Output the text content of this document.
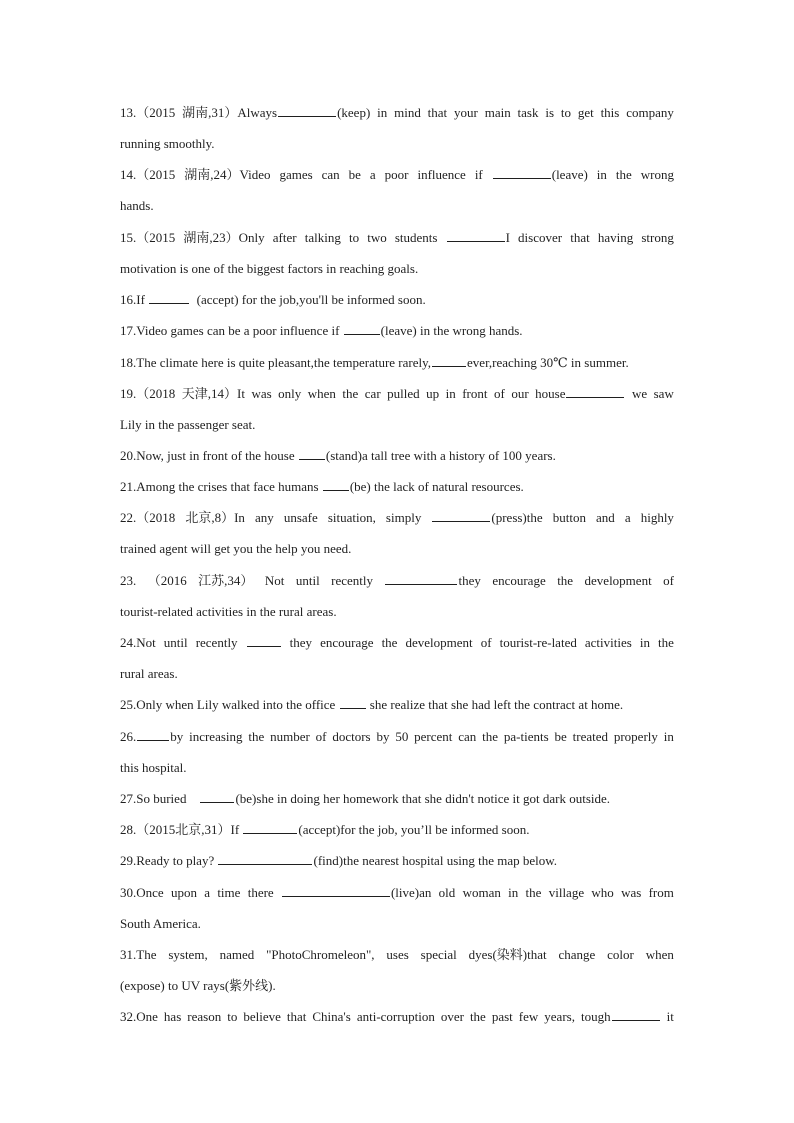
13.（2015 湖南,31）Always	(keep) in mind that your main task is to get this company
running smoothly.
14.（2015 湖南,24）Video games can be a poor influence if	(leave) in the wrong
hands.
15.（2015 湖南,23）Only after talking to two students	I discover that having strong
motivation is one of the biggest factors in reaching goals.
16.If	(accept) for the job,you'll be informed soon.
17.Video games can be a poor influence if	(leave) in the wrong hands.
18.The climate here is quite pleasant,the temperature rarely,	ever,reaching 30℃ in summer.
19.（2018 天津,14）It was only when the car pulled up in front of our house	we saw
Lily in the passenger seat.
20.Now, just in front of the house (stand)a tall tree with a history of 100 years.
21.Among the crises that face humans (be) the lack of natural resources.
22.（2018 北京,8）In any unsafe situation, simply	(press)the button and a highly
trained agent will get you the help you need.
23. （2016 江苏,34） Not until recently	they encourage the development of
tourist-related activities in the rural areas.
24.Not until recently	they encourage the development of tourist-re-lated activities in the
rural areas.
25.Only when Lily walked into the office  she realize that she had left the contract at home.
26.	by increasing the number of doctors by 50 percent can the pa-tients be treated properly in
this hospital.
27.So buried	(be)she in doing her homework that she didn't notice it got dark outside.
28.（2015北京,31）If	(accept)for the job, you’ll be informed soon.
29.Ready to play?	(find)the nearest hospital using the map below.
30.Once upon a time there	(live)an old woman in the village who was from
South America.
31.The system, named "PhotoChromeleon", uses special dyes(染料)that change color when
(expose) to UV rays(紫外线).
32.One has reason to believe that China's anti-corruption over the past few years, tough	it
